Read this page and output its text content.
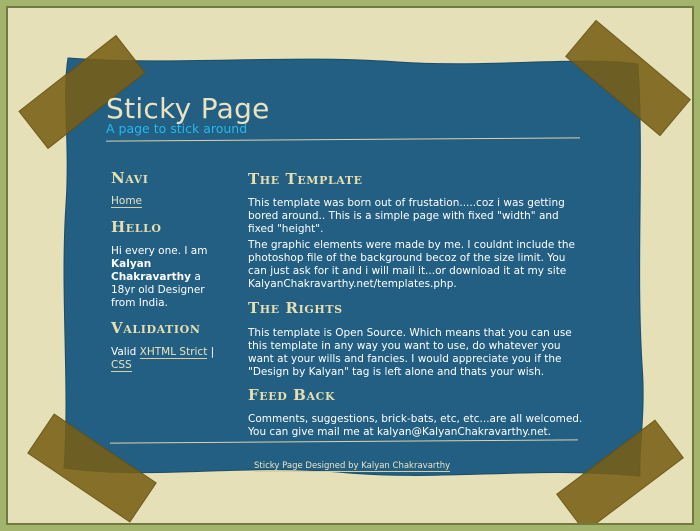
Sticky Page

A page to stick around

Navi

Home

Hello

Hi every one. I am Kalyan Chakravarthy a 18yr old Designer from India.

Validation

Valid XHTML Strict | CSS

The Template

This template was born out of frustation.....coz i was getting bored around.. This is a simple page with fixed "width" and fixed "height".

The graphic elements were made by me. I couldnt include the photoshop file of the background becoz of the size limit. You can just ask for it and i will mail it...or download it at my site KalyanChakravarthy.net/templates.php.

The Rights

This template is Open Source. Which means that you can use this template in any way you want to use, do whatever you want at your wills and fancies. I would appreciate you if the "Design by Kalyan" tag is left alone and thats your wish.

Feed Back

Comments, suggestions, brick-bats, etc, etc...are all welcomed. You can give mail me at kalyan@KalyanChakravarthy.net.

Sticky Page Designed by Kalyan Chakravarthy
